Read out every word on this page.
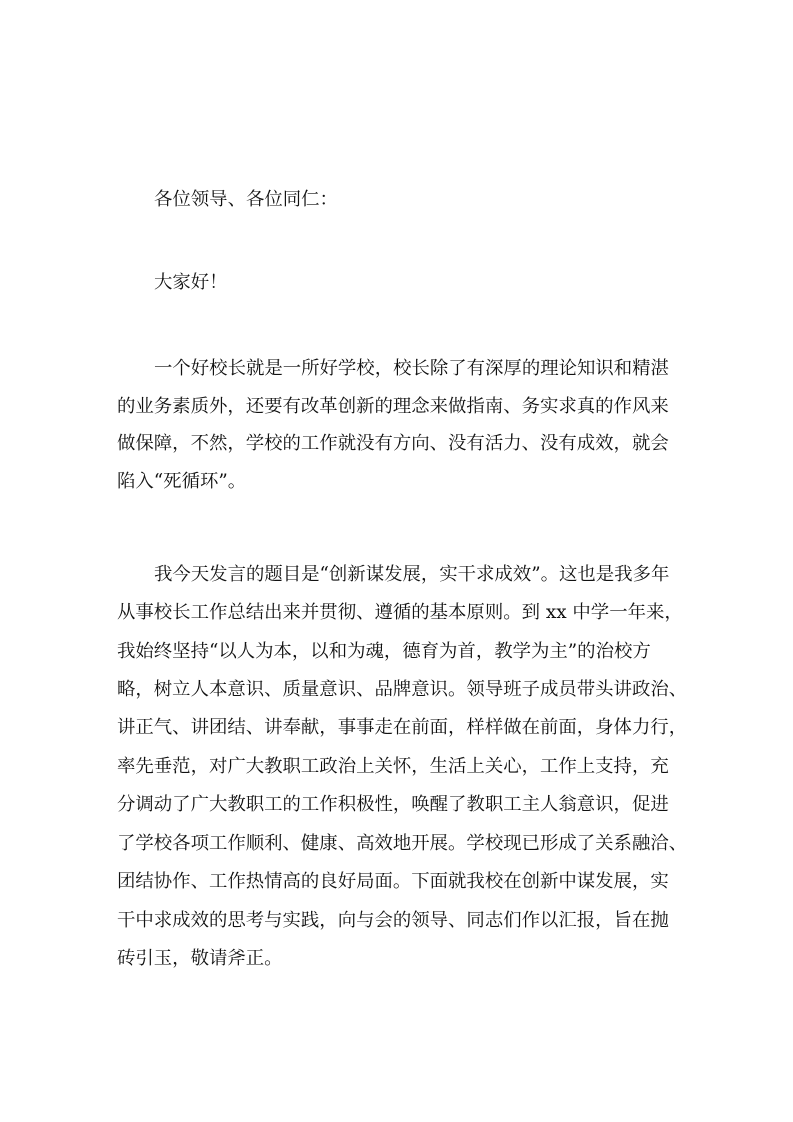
各位领导、各位同仁：
大家好！
一个好校长就是一所好学校，校长除了有深厚的理论知识和精湛
的业务素质外，还要有改革创新的理念来做指南、务实求真的作风来
做保障，不然，学校的工作就没有方向、没有活力、没有成效，就会
陷入“死循环”。
我今天发言的题目是“创新谋发展，实干求成效”。这也是我多年
从事校长工作总结出来并贯彻、遵循的基本原则。到 xx 中学一年来，
我始终坚持“以人为本，以和为魂，德育为首，教学为主”的治校方
略，树立人本意识、质量意识、品牌意识。领导班子成员带头讲政治、
讲正气、讲团结、讲奉献，事事走在前面，样样做在前面，身体力行，
率先垂范，对广大教职工政治上关怀，生活上关心，工作上支持，充
分调动了广大教职工的工作积极性，唤醒了教职工主人翁意识，促进
了学校各项工作顺利、健康、高效地开展。学校现已形成了关系融洽、
团结协作、工作热情高的良好局面。下面就我校在创新中谋发展，实
干中求成效的思考与实践，向与会的领导、同志们作以汇报，旨在抛
砖引玉，敬请斧正。
